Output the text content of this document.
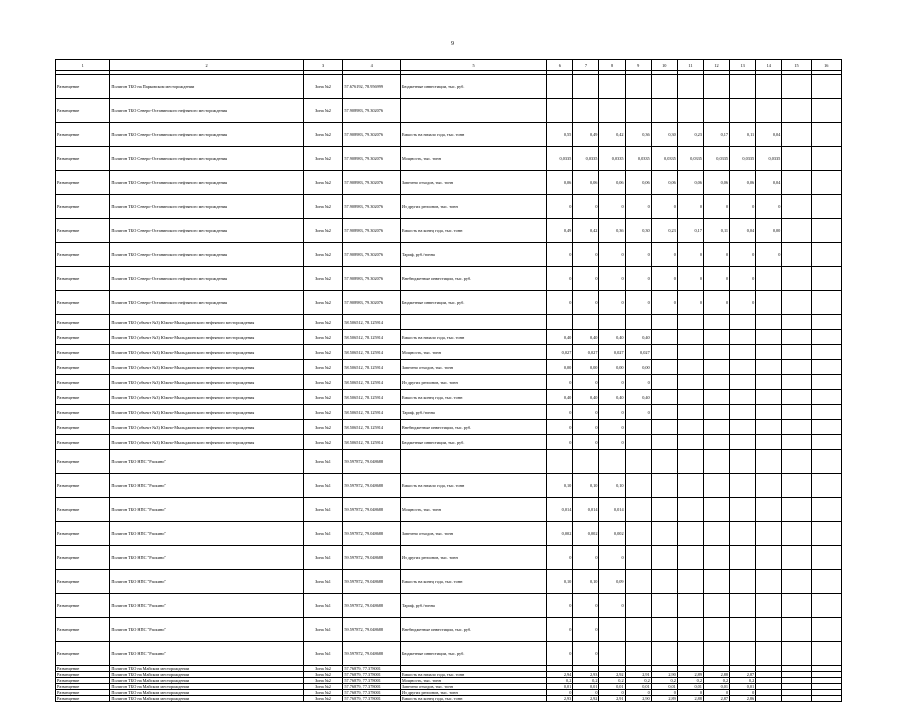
9
1	2	3	4	5	6	7	8	9	10	11	12	13	14	15	16

Размещение	Полигон ТБО на Парковском месторождении	Зона №2	57.676192, 78.956999	Бюджетные инвестиции, тыс. руб.											
Размещение	Полигон ТБО Северо-Останинского нефтяного месторождения	Зона №2	57.908983, 79.302076												
Размещение	Полигон ТБО Северо-Останинского нефтяного месторождения	Зона №2	57.908983, 79.302076	Емкость на начало года, тыс. тонн	0,55	0,49	0,42	0,36	0,30	0,23	0,17	0,11	0,04		
Размещение	Полигон ТБО Северо-Останинского нефтяного месторождения	Зона №2	57.908983, 79.302076	Мощность, тыс. тонн	0,0335	0,0335	0,0335	0,0335	0,0335	0,0335	0,0335	0,0335	0,0335		
Размещение	Полигон ТБО Северо-Останинского нефтяного месторождения	Зона №2	57.908983, 79.302076	Завезено отходов, тыс. тонн	0,06	0,06	0,06	0,06	0,06	0,06	0,06	0,06	0,04		
Размещение	Полигон ТБО Северо-Останинского нефтяного месторождения	Зона №2	57.908983, 79.302076	Из других регионов, тыс. тонн	0	0	0	0	0	0	0	0	0		
Размещение	Полигон ТБО Северо-Останинского нефтяного месторождения	Зона №2	57.908983, 79.302076	Емкость на конец года, тыс. тонн	0,49	0,42	0,36	0,30	0,23	0,17	0,11	0,04	0,00		
Размещение	Полигон ТБО Северо-Останинского нефтяного месторождения	Зона №2	57.908983, 79.302076	Тариф, руб./тонна	0	0	0	0	0	0	0	0	0		
Размещение	Полигон ТБО Северо-Останинского нефтяного месторождения	Зона №2	57.908983, 79.302076	Внебюджетные инвестиции, тыс. руб.	0	0	0	0	0	0	0	0			
Размещение	Полигон ТБО Северо-Останинского нефтяного месторождения	Зона №2	57.908983, 79.302076	Бюджетные инвестиции, тыс. руб.	0	0	0	0	0	0	0	0			
Размещение	Полигон ТБО (объект №3) Южно-Мыльджинского нефтяного месторождения	Зона №2	58.506512, 78.125914												
Размещение	Полигон ТБО (объект №3) Южно-Мыльджинского нефтяного месторождения	Зона №2	58.506512, 78.125914	Емкость на начало года, тыс. тонн	0,40	0,40	0,40	0,40							
Размещение	Полигон ТБО (объект №3) Южно-Мыльджинского нефтяного месторождения	Зона №2	58.506512, 78.125914	Мощность, тыс. тонн	0,027	0,027	0,027	0,027							
Размещение	Полигон ТБО (объект №3) Южно-Мыльджинского нефтяного месторождения	Зона №2	58.506512, 78.125914	Завезено отходов, тыс. тонн	0,00	0,00	0,00	0,00							
Размещение	Полигон ТБО (объект №3) Южно-Мыльджинского нефтяного месторождения	Зона №2	58.506512, 78.125914	Из других регионов, тыс. тонн	0	0	0	0							
Размещение	Полигон ТБО (объект №3) Южно-Мыльджинского нефтяного месторождения	Зона №2	58.506512, 78.125914	Емкость на конец года, тыс. тонн	0,40	0,40	0,40	0,40							
Размещение	Полигон ТБО (объект №3) Южно-Мыльджинского нефтяного месторождения	Зона №2	58.506512, 78.125914	Тариф, руб./тонна	0	0	0	0							
Размещение	Полигон ТБО (объект №3) Южно-Мыльджинского нефтяного месторождения	Зона №2	58.506512, 78.125914	Внебюджетные инвестиции, тыс. руб.	0	0	0								
Размещение	Полигон ТБО (объект №3) Южно-Мыльджинского нефтяного месторождения	Зона №2	58.506512, 78.125914	Бюджетные инвестиции, тыс. руб.	0	0	0								
Размещение	Полигон ТБО НПС "Раскино"	Зона №1	59.597872, 79.048688												
Размещение	Полигон ТБО НПС "Раскино"	Зона №1	59.597872, 79.048688	Емкость на начало года, тыс. тонн	0,10	0,10	0,10								
Размещение	Полигон ТБО НПС "Раскино"	Зона №1	59.597872, 79.048688	Мощность, тыс. тонн	0,014	0,014	0,014								
Размещение	Полигон ТБО НПС "Раскино"	Зона №1	59.597872, 79.048688	Завезено отходов, тыс. тонн	0,002	0,002	0,002								
Размещение	Полигон ТБО НПС "Раскино"	Зона №1	59.597872, 79.048688	Из других регионов, тыс. тонн	0	0	0								
Размещение	Полигон ТБО НПС "Раскино"	Зона №1	59.597872, 79.048688	Емкость на конец года, тыс. тонн	0,10	0,10	0,09								
Размещение	Полигон ТБО НПС "Раскино"	Зона №1	59.597872, 79.048688	Тариф, руб./тонна	0	0	0								
Размещение	Полигон ТБО НПС "Раскино"	Зона №1	59.597872, 79.048688	Внебюджетные инвестиции, тыс. руб.	0	0									
Размещение	Полигон ТБО НПС "Раскино"	Зона №1	59.597872, 79.048688	Бюджетные инвестиции, тыс. руб.	0	0									
Размещение	Полигон ТБО на Майском месторождении	Зона №2	57.76879, 77.378001												
Размещение	Полигон ТБО на Майском месторождении	Зона №2	57.76879, 77.378001	Емкость на начало года, тыс. тонн	2,94	2,93	2,92	2,91	2,90	2,89	2,88	2,87			
Размещение	Полигон ТБО на Майском месторождении	Зона №2	57.76879, 77.378001	Мощность, тыс. тонн	0,2	0,2	0,2	0,2	0,2	0,2	0,2	0,2			
Размещение	Полигон ТБО на Майском месторождении	Зона №2	57.76879, 77.378001	Завезено отходов, тыс. тонн	0,01	0,01	0,01	0,01	0,01	0,01	0,01	0,01			
Размещение	Полигон ТБО на Майском месторождении	Зона №2	57.76879, 77.378001	Из других регионов, тыс. тонн	0	0	0	0	0	0	0	0			
Размещение	Полигон ТБО на Майском месторождении	Зона №2	57.76879, 77.378001	Емкость на конец года, тыс. тонн	2,93	2,92	2,91	2,90	2,89	2,88	2,87	2,86			
